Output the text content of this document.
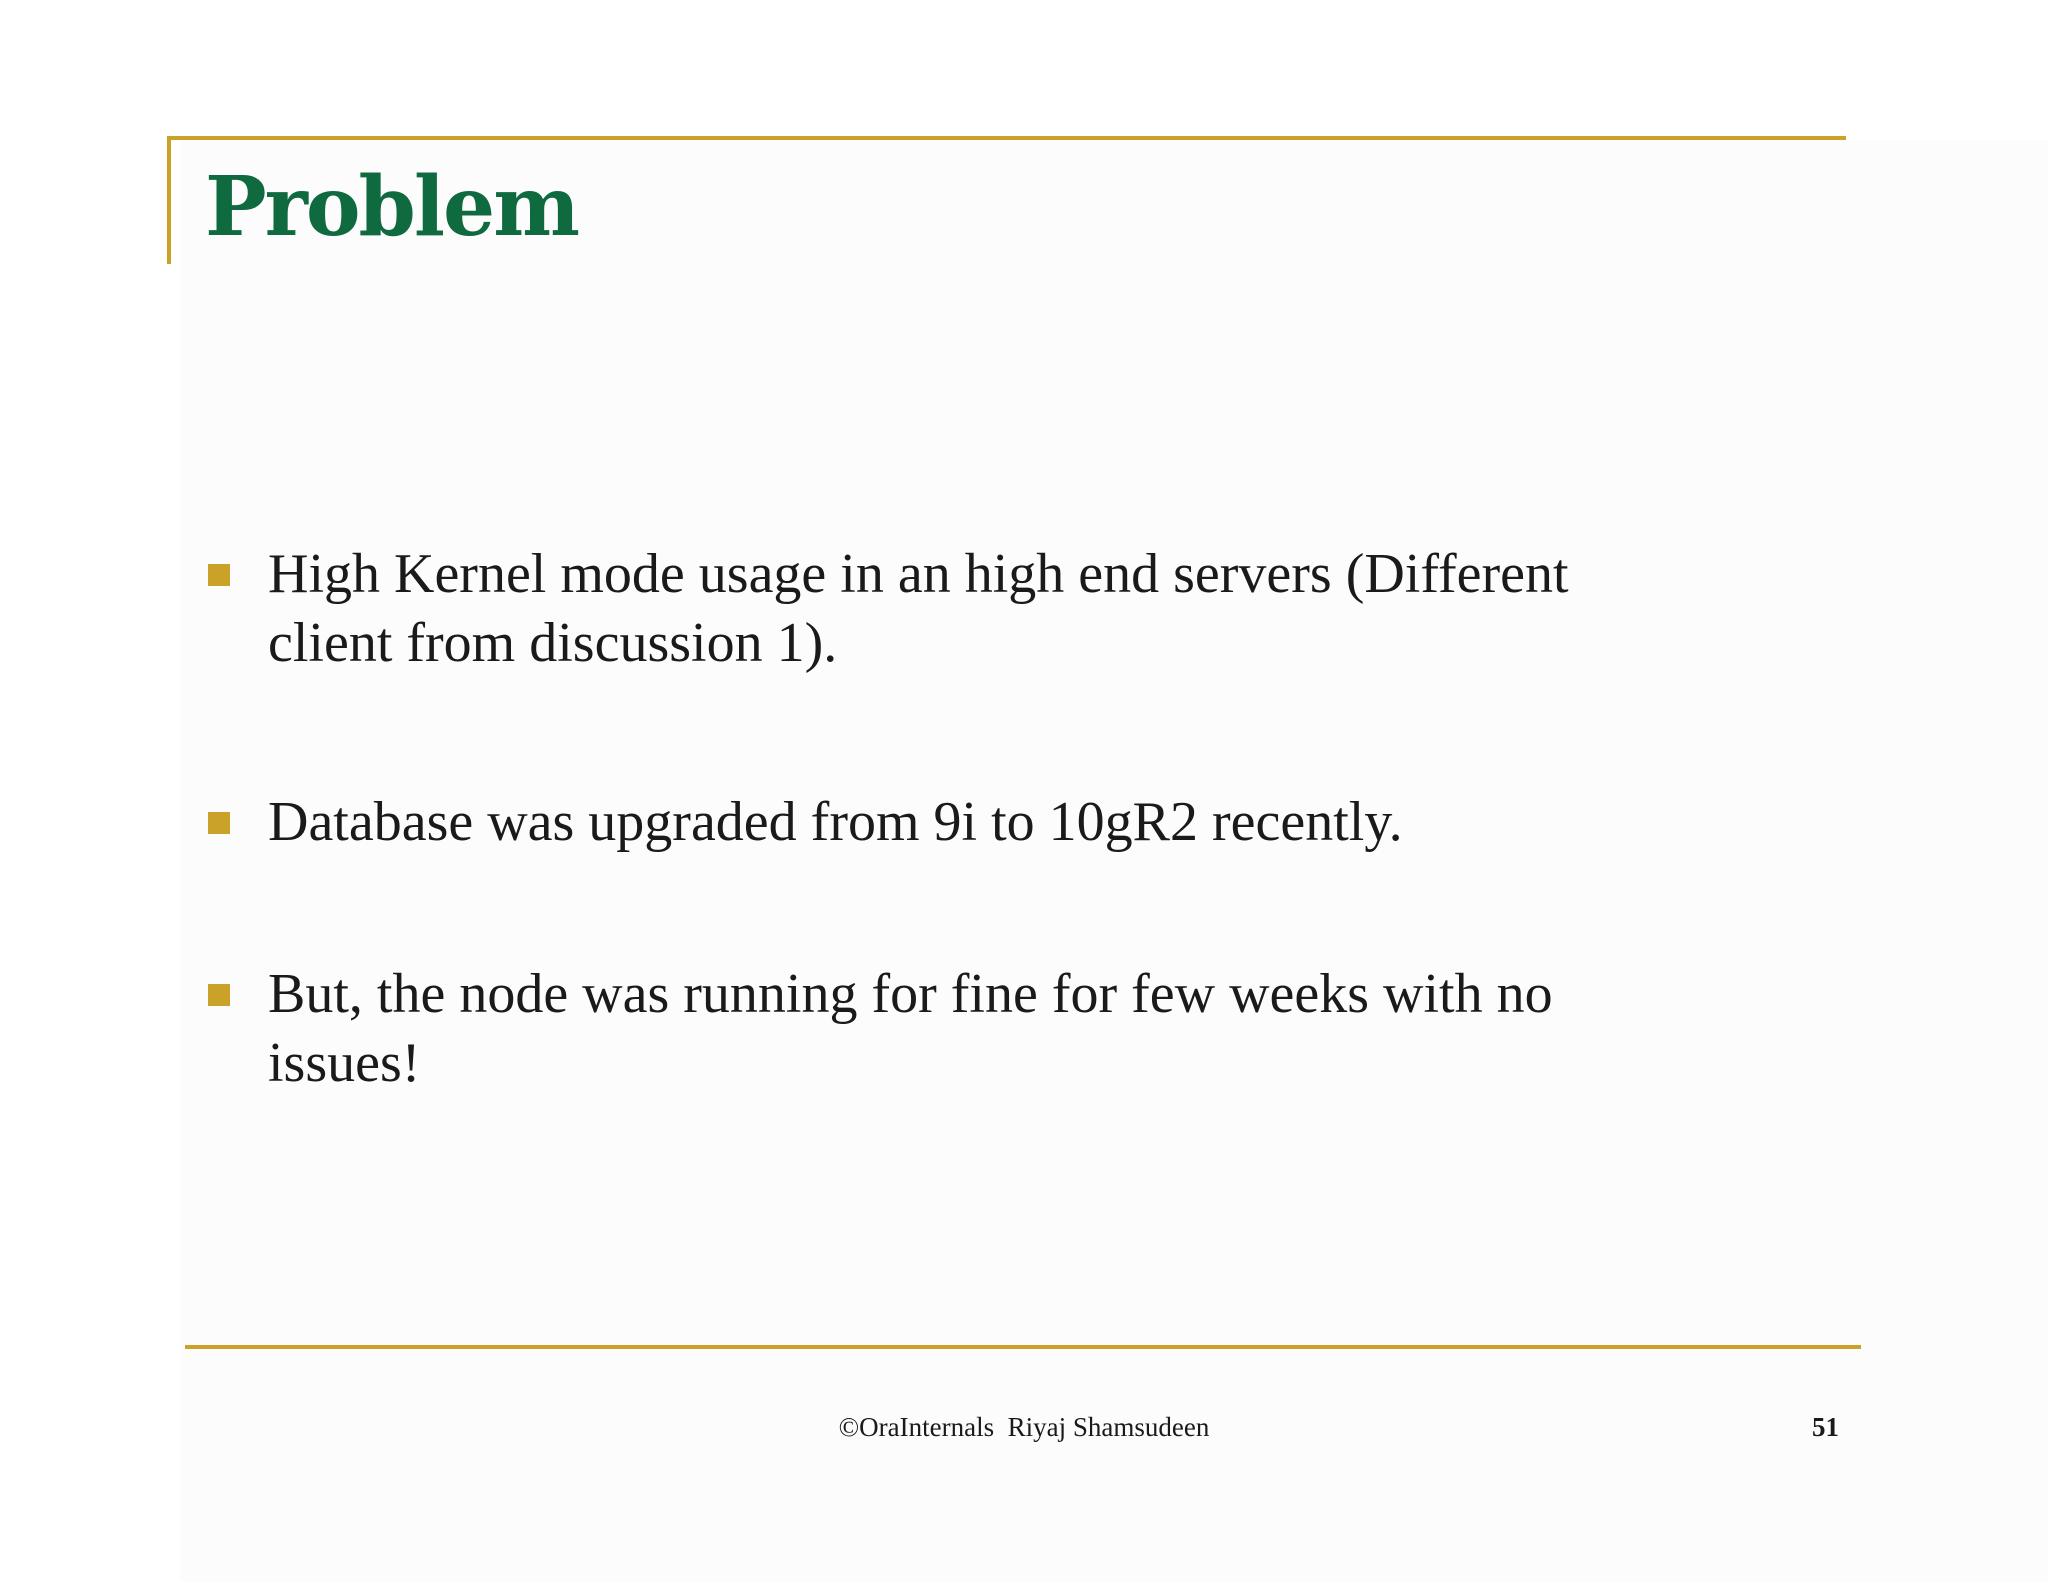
Problem
High Kernel mode usage in an high end servers (Different client from discussion 1).
Database was upgraded from 9i to 10gR2 recently.
But, the node was running for fine for few weeks with no issues!
©OraInternals  Riyaj Shamsudeen	51
